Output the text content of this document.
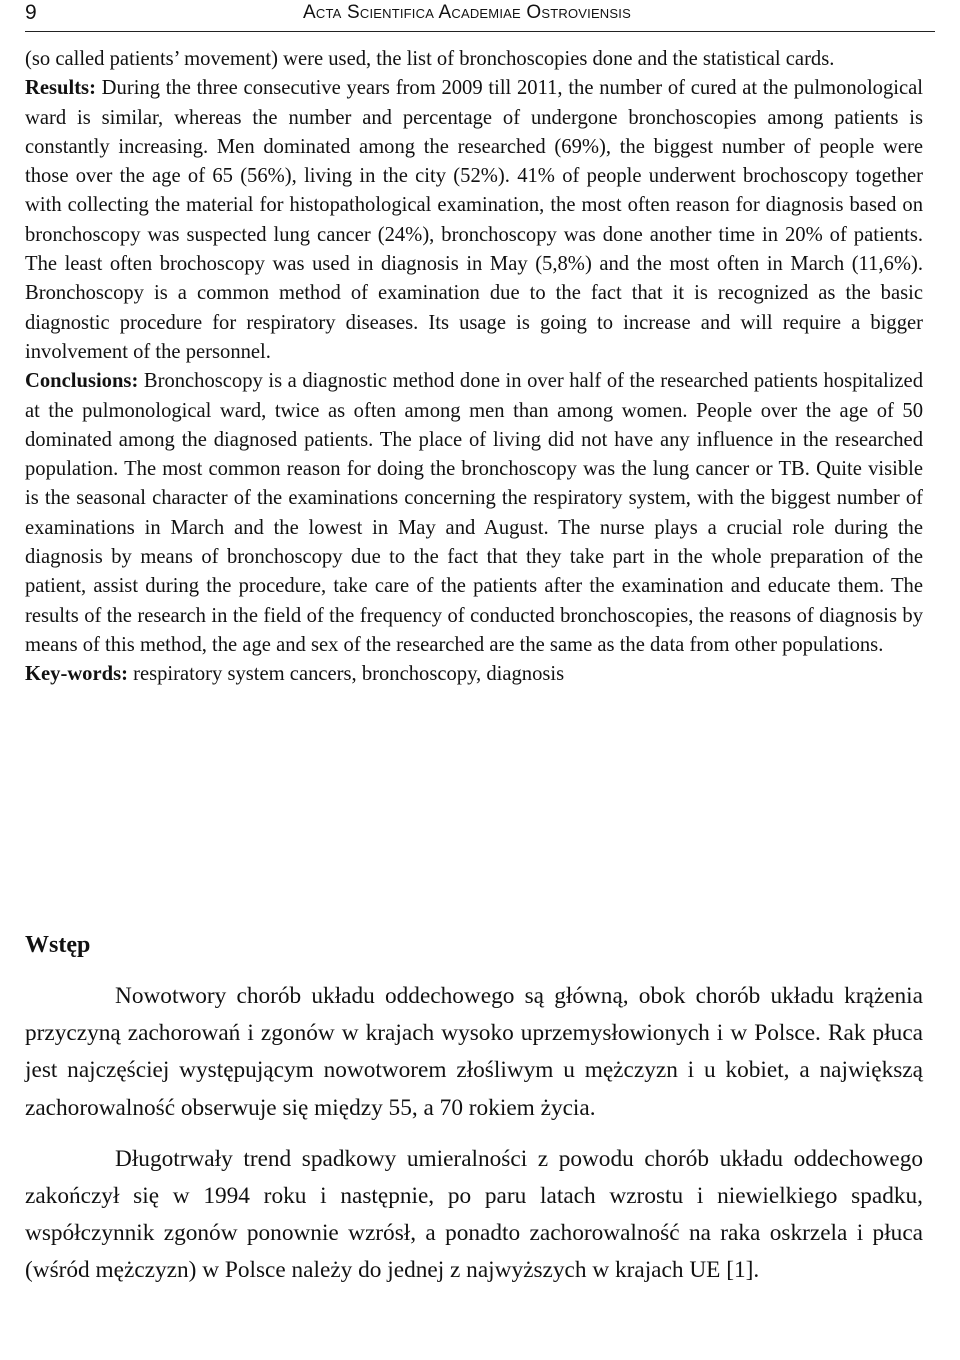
9	Acta Scientifica Academiae Ostroviensis

(so called patients’ movement) were used, the list of bronchoscopies done and the statistical cards.

Results: During the three consecutive years from 2009 till 2011, the number of cured at the pulmonological ward is similar, whereas the number and percentage of undergone bronchoscopies among patients is constantly increasing. Men dominated among the researched (69%), the biggest number of people were those over the age of 65 (56%), living in the city (52%). 41% of people underwent brochoscopy together with collecting the material for histopathological examination, the most often reason for diagnosis based on bronchoscopy was suspected lung cancer (24%), bronchoscopy was done another time in 20% of patients. The least often brochoscopy was used in diagnosis in May (5,8%) and the most often in March (11,6%). Bronchoscopy is a common method of examination due to the fact that it is recognized as the basic diagnostic procedure for respiratory diseases. Its usage is going to increase and will require a bigger involvement of the personnel.

Conclusions: Bronchoscopy is a diagnostic method done in over half of the researched patients hospitalized at the pulmonological ward, twice as often among men than among women. People over the age of 50 dominated among the diagnosed patients. The place of living did not have any influence in the researched population. The most common reason for doing the bronchoscopy was the lung cancer or TB. Quite visible is the seasonal character of the examinations concerning the respiratory system, with the biggest number of examinations in March and the lowest in May and August. The nurse plays a crucial role during the diagnosis by means of bronchoscopy due to the fact that they take part in the whole preparation of the patient, assist during the procedure, take care of the patients after the examination and educate them. The results of the research in the field of the frequency of conducted bronchoscopies, the reasons of diagnosis by means of this method, the age and sex of the researched are the same as the data from other populations.

Key-words: respiratory system cancers, bronchoscopy, diagnosis

Wstęp

Nowotwory chorób układu oddechowego są główną, obok chorób układu krążenia przyczyną zachorowań i zgonów w krajach wysoko uprzemysłowionych i w Polsce. Rak płuca jest najczęściej występującym nowotworem złośliwym u mężczyzn i u kobiet, a największą zachorowalność obserwuje się między 55, a 70 rokiem życia.

Długotrwały trend spadkowy umieralności z powodu chorób układu oddechowego zakończył się w 1994 roku i następnie, po paru latach wzrostu i niewielkiego spadku, współczynnik zgonów ponownie wzrósł, a ponadto zachorowalność na raka oskrzela i płuca (wśród mężczyzn) w Polsce należy do jednej z najwyższych w krajach UE [1].
